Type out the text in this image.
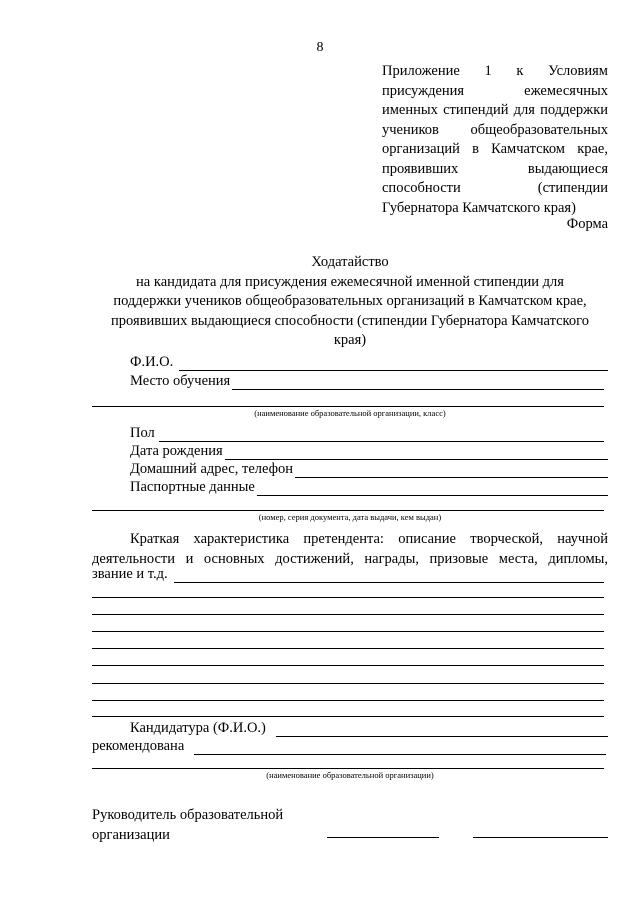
8
Приложение 1 к Условиям
присуждения ежемесячных
именных стипендий для поддержки
учеников общеобразовательных
организаций в Камчатском крае,
проявивших выдающиеся
способности (стипендии
Губернатора Камчатского края)
Форма
Ходатайство
на кандидата для присуждения ежемесячной именной стипендии для
поддержки учеников общеобразовательных организаций в Камчатском крае,
проявивших выдающиеся способности (стипендии Губернатора Камчатского
края)
Ф.И.О.
Место обучения
(наименование образовательной организации, класс)
Пол
Дата рождения
Домашний адрес, телефон
Паспортные данные
(номер, серия документа, дата выдачи, кем выдан)
Краткая характеристика претендента: описание творческой, научной
деятельности и основных достижений, награды, призовые места, дипломы,
звание и т.д.
Кандидатура (Ф.И.О.)
рекомендована
(наименование образовательной организации)
Руководитель образовательной
организации
